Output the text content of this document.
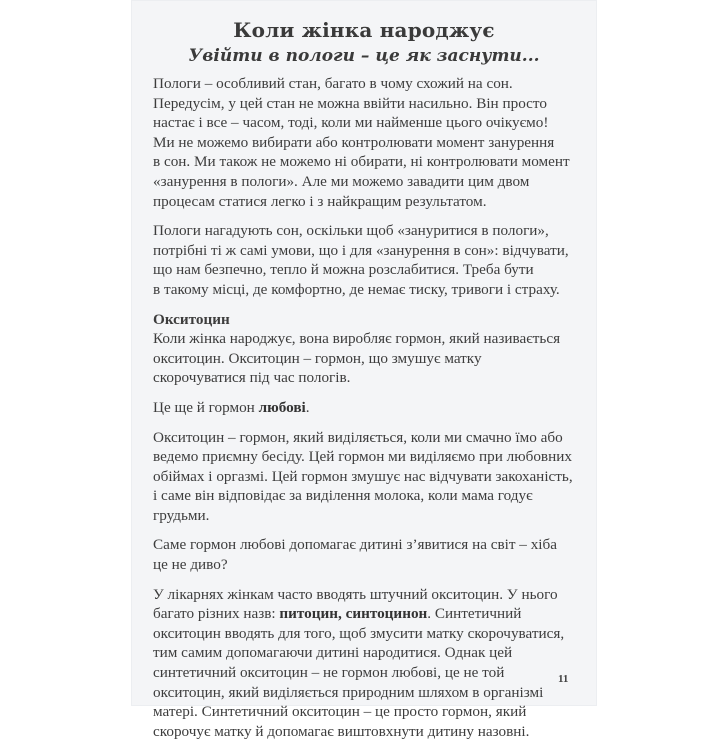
Коли жінка народжує
Увійти в пологи – це як заснути...

Пологи – особливий стан, багато в чому схожий на сон.
Передусім, у цей стан не можна ввійти насильно. Він просто
настає і все – часом, тоді, коли ми найменше цього очікуємо!
Ми не можемо вибирати або контролювати момент занурення
в сон. Ми також не можемо ні обирати, ні контролювати момент
«занурення в пологи». Але ми можемо завадити цим двом
процесам статися легко і з найкращим результатом.

Пологи нагадують сон, оскільки щоб «зануритися в пологи»,
потрібні ті ж самі умови, що і для «занурення в сон»: відчувати,
що нам безпечно, тепло й можна розслабитися. Треба бути
в такому місці, де комфортно, де немає тиску, тривоги і страху.

Окситоцин
Коли жінка народжує, вона виробляє гормон, який називається
окситоцин. Окситоцин – гормон, що змушує матку
скорочуватися під час пологів.

Це ще й гормон любові.

Окситоцин – гормон, який виділяється, коли ми смачно їмо або
ведемо приємну бесіду. Цей гормон ми виділяємо при любовних
обіймах і оргазмі. Цей гормон змушує нас відчувати закоханість,
і саме він відповідає за виділення молока, коли мама годує
грудьми.

Саме гормон любові допомагає дитині з’явитися на світ – хіба
це не диво?

У лікарнях жінкам часто вводять штучний окситоцин. У нього
багато різних назв: питоцин, синтоцинон. Синтетичний
окситоцин вводять для того, щоб змусити матку скорочуватися,
тим самим допомагаючи дитині народитися. Однак цей
синтетичний окситоцин – не гормон любові, це не той
окситоцин, який виділяється природним шляхом в організмі
матері. Синтетичний окситоцин – це просто гормон, який
скорочує матку й допомагає виштовхнути дитину назовні.

11
